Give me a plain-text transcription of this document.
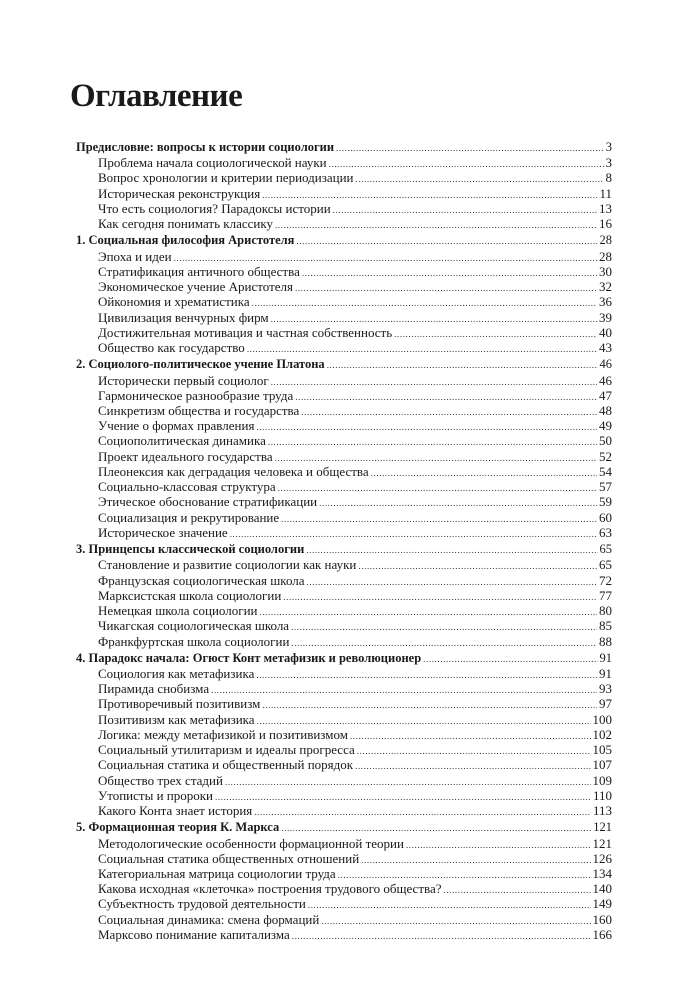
Оглавление
Предисловие: вопросы к истории социологии .....	3
Проблема начала социологической науки .....	3
Вопрос хронологии и критерии периодизации .....	8
Историческая реконструкция .....	11
Что есть социология? Парадоксы истории .....	13
Как сегодня понимать классику .....	16
1. Социальная философия Аристотеля .....	28
Эпоха и идеи .....	28
Стратификация античного общества .....	30
Экономическое учение Аристотеля .....	32
Ойкономия и хрематистика .....	36
Цивилизация венчурных фирм .....	39
Достижительная мотивация и частная собственность .....	40
Общество как государство .....	43
2. Социолого-политическое учение Платона .....	46
Исторически первый социолог .....	46
Гармоническое разнообразие труда .....	47
Синкретизм общества и государства .....	48
Учение о формах правления .....	49
Социополитическая динамика .....	50
Проект идеального государства .....	52
Плеонексия как деградация человека и общества .....	54
Социально-классовая структура .....	57
Этическое обоснование стратификации .....	59
Социализация и рекрутирование .....	60
Историческое значение .....	63
3. Принцепсы классической социологии .....	65
Становление и развитие социологии как науки .....	65
Французская социологическая школа .....	72
Марксистская школа социологии .....	77
Немецкая школа социологии .....	80
Чикагская социологическая школа .....	85
Франкфуртская школа социологии .....	88
4. Парадокс начала: Огюст Конт метафизик и революционер .....	91
Социология как метафизика .....	91
Пирамида снобизма .....	93
Противоречивый позитивизм .....	97
Позитивизм как метафизика .....	100
Логика: между метафизикой и позитивизмом .....	102
Социальный утилитаризм и идеалы прогресса .....	105
Социальная статика и общественный порядок .....	107
Общество трех стадий .....	109
Утописты и пророки .....	110
Какого Конта знает история .....	113
5. Формационная теория К. Маркса .....	121
Методологические особенности формационной теории .....	121
Социальная статика общественных отношений .....	126
Категориальная матрица социологии труда .....	134
Какова исходная «клеточка» построения трудового общества? .....	140
Субъектность трудовой деятельности .....	149
Социальная динамика: смена формаций .....	160
Марксово понимание капитализма .....	166
